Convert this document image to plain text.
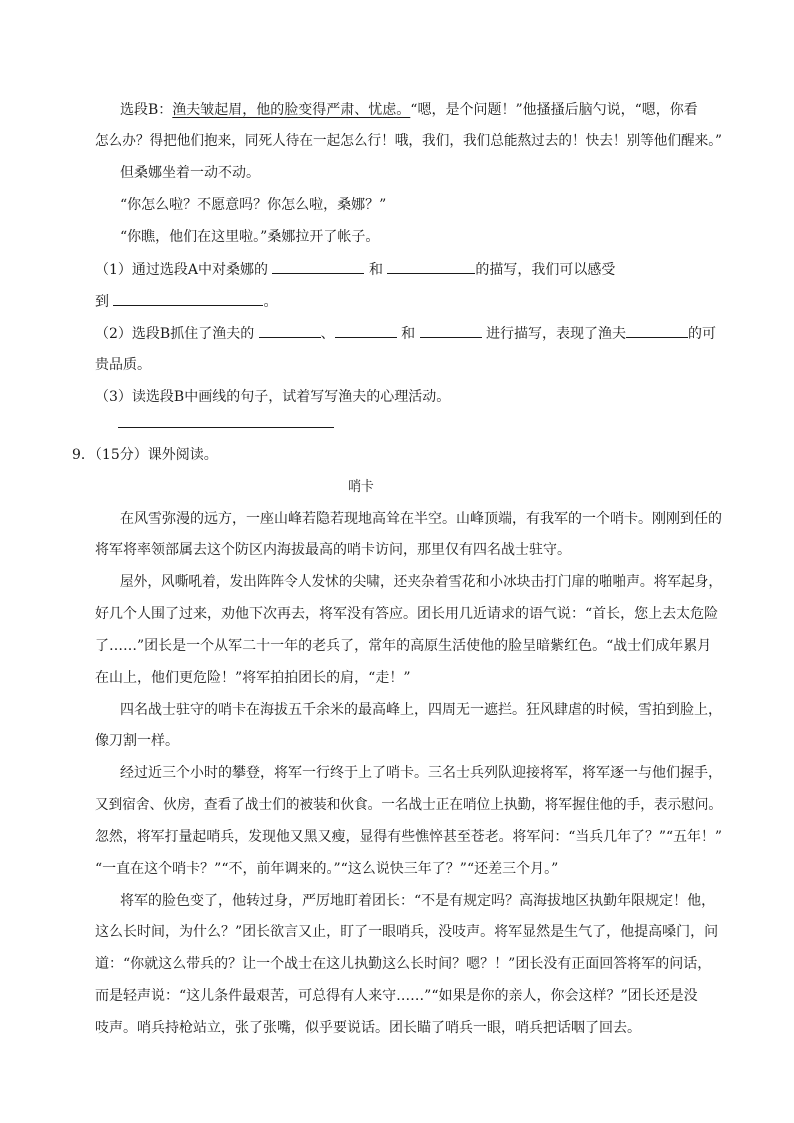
选段B：渔夫皱起眉，他的脸变得严肃、忧虑。“嗯，是个问题！”他搔搔后脑勺说，“嗯，你看
怎么办？得把他们抱来，同死人待在一起怎么行！哦，我们，我们总能熬过去的！快去！别等他们醒来。”
但桑娜坐着一动不动。
“你怎么啦？不愿意吗？你怎么啦，桑娜？”
“你瞧，他们在这里啦。”桑娜拉开了帐子。
（1）通过选段A中对桑娜的	和	的描写，我们可以感受
到	。
（2）选段B抓住了渔夫的	、	和	进行描写，表现了渔夫	的可
贵品质。
（3）读选段B中画线的句子，试着写写渔夫的心理活动。
9．（15分）课外阅读。
哨卡
在风雪弥漫的远方，一座山峰若隐若现地高耸在半空。山峰顶端，有我军的一个哨卡。刚刚到任的
将军将率领部属去这个防区内海拔最高的哨卡访问，那里仅有四名战士驻守。
屋外，风嘶吼着，发出阵阵令人发怵的尖啸，还夹杂着雪花和小冰块击打门扉的啪啪声。将军起身，
好几个人围了过来，劝他下次再去，将军没有答应。团长用几近请求的语气说：“首长，您上去太危险
了……”团长是一个从军二十一年的老兵了，常年的高原生活使他的脸呈暗紫红色。“战士们成年累月
在山上，他们更危险！”将军拍拍团长的肩，“走！”
四名战士驻守的哨卡在海拔五千余米的最高峰上，四周无一遮拦。狂风肆虐的时候，雪拍到脸上，
像刀割一样。
经过近三个小时的攀登，将军一行终于上了哨卡。三名士兵列队迎接将军，将军逐一与他们握手，
又到宿舍、伙房，查看了战士们的被装和伙食。一名战士正在哨位上执勤，将军握住他的手，表示慰问。
忽然，将军打量起哨兵，发现他又黑又瘦，显得有些憔悴甚至苍老。将军问：“当兵几年了？”“五年！”
“一直在这个哨卡？”“不，前年调来的。”“这么说快三年了？”“还差三个月。”
将军的脸色变了，他转过身，严厉地盯着团长：“不是有规定吗？高海拔地区执勤年限规定！他，
这么长时间，为什么？”团长欲言又止，盯了一眼哨兵，没吱声。将军显然是生气了，他提高嗓门，问
道：“你就这么带兵的？让一个战士在这儿执勤这么长时间？嗯？！”团长没有正面回答将军的问话，
而是轻声说：“这儿条件最艰苦，可总得有人来守……”“如果是你的亲人，你会这样？”团长还是没
吱声。哨兵持枪站立，张了张嘴，似乎要说话。团长瞄了哨兵一眼，哨兵把话咽了回去。
